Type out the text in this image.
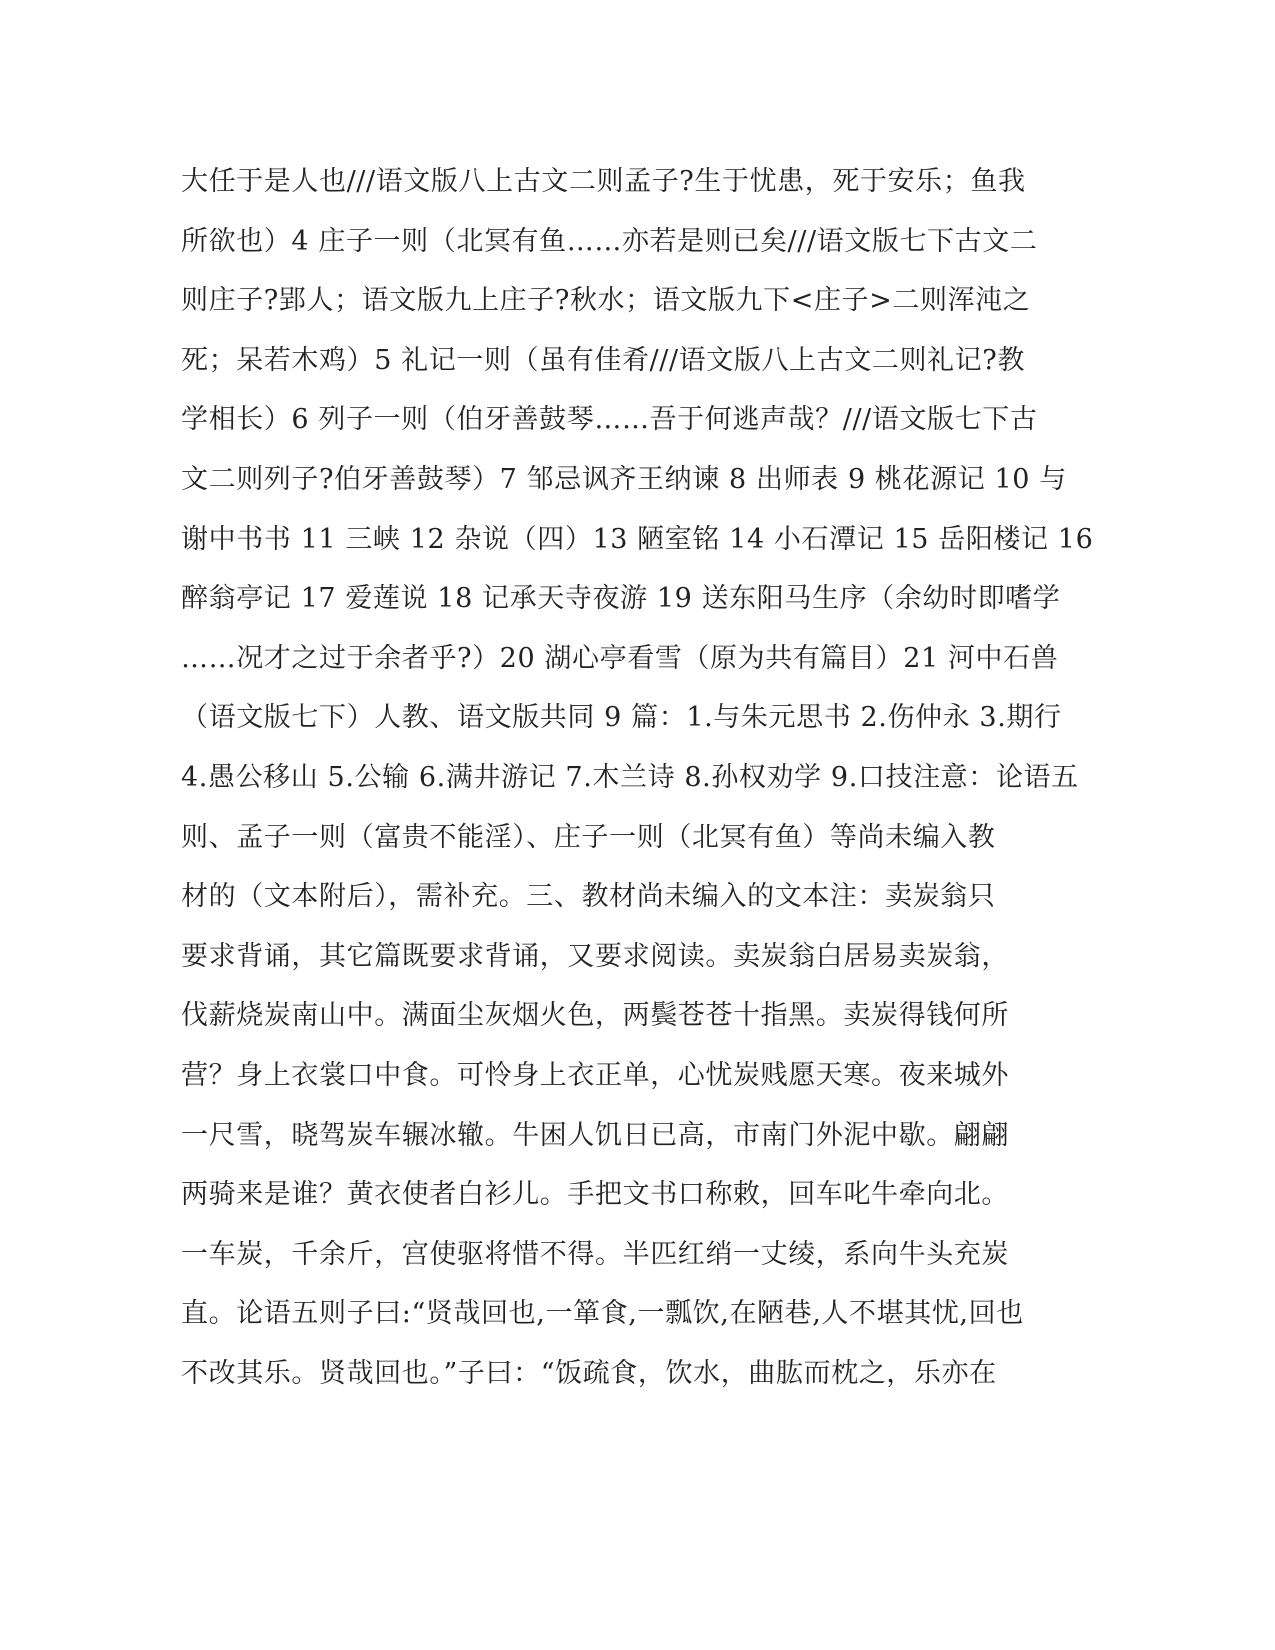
大任于是人也///语文版八上古文二则孟子?生于忧患，死于安乐；鱼我
所欲也）4 庄子一则（北冥有鱼……亦若是则已矣///语文版七下古文二
则庄子?郢人；语文版九上庄子?秋水；语文版九下<庄子>二则浑沌之
死；呆若木鸡）5 礼记一则（虽有佳肴///语文版八上古文二则礼记?教
学相长）6 列子一则（伯牙善鼓琴……吾于何逃声哉？///语文版七下古
文二则列子?伯牙善鼓琴）7 邹忌讽齐王纳谏 8 出师表 9 桃花源记 10 与
谢中书书 11 三峡 12 杂说（四）13 陋室铭 14 小石潭记 15 岳阳楼记 16
醉翁亭记 17 爱莲说 18 记承天寺夜游 19 送东阳马生序（余幼时即嗜学
……况才之过于余者乎?）20 湖心亭看雪（原为共有篇目）21 河中石兽
（语文版七下）人教、语文版共同 9 篇：1.与朱元思书 2.伤仲永 3.期行
4.愚公移山 5.公输 6.满井游记 7.木兰诗 8.孙权劝学 9.口技注意：论语五
则、孟子一则（富贵不能淫）、庄子一则（北冥有鱼）等尚未编入教
材的（文本附后），需补充。三、教材尚未编入的文本注：卖炭翁只
要求背诵，其它篇既要求背诵，又要求阅读。卖炭翁白居易卖炭翁，
伐薪烧炭南山中。满面尘灰烟火色，两鬓苍苍十指黑。卖炭得钱何所
营？身上衣裳口中食。可怜身上衣正单，心忧炭贱愿天寒。夜来城外
一尺雪，晓驾炭车辗冰辙。牛困人饥日已高，市南门外泥中歇。翩翩
两骑来是谁？黄衣使者白衫儿。手把文书口称敕，回车叱牛牵向北。
一车炭，千余斤，宫使驱将惜不得。半匹红绡一丈绫，系向牛头充炭
直。论语五则子曰:“贤哉回也,一箪食,一瓢饮,在陋巷,人不堪其忧,回也
不改其乐。贤哉回也。”子曰：“饭疏食，饮水，曲肱而枕之，乐亦在
